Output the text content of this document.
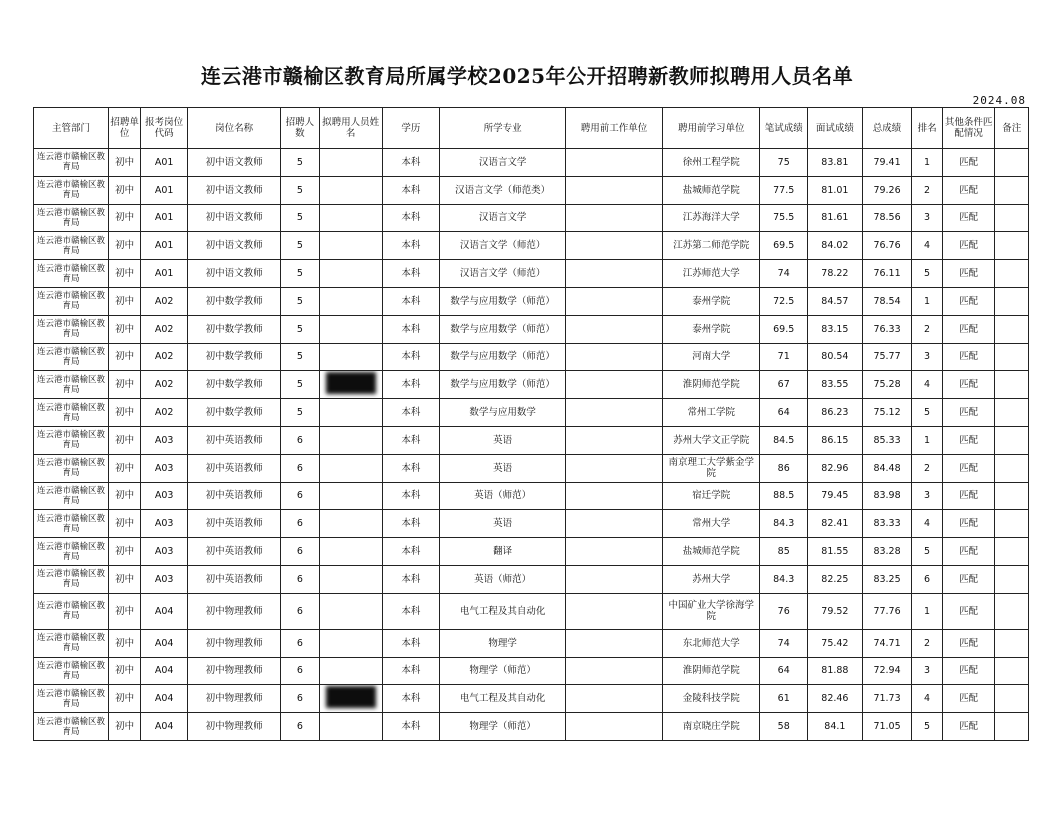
连云港市赣榆区教育局所属学校2025年公开招聘新教师拟聘用人员名单
2024.08
主管部门	招聘单位	报考岗位代码	岗位名称	招聘人数	拟聘用人员姓名	学历	所学专业	聘用前工作单位	聘用前学习单位	笔试成绩	面试成绩	总成绩	排名	其他条件匹配情况	备注
连云港市赣榆区教育局	初中	A01	初中语文教师	5		本科	汉语言文学		徐州工程学院	75	83.81	79.41	1	匹配	
连云港市赣榆区教育局	初中	A01	初中语文教师	5		本科	汉语言文学（师范类）		盐城师范学院	77.5	81.01	79.26	2	匹配	
连云港市赣榆区教育局	初中	A01	初中语文教师	5		本科	汉语言文学		江苏海洋大学	75.5	81.61	78.56	3	匹配	
连云港市赣榆区教育局	初中	A01	初中语文教师	5		本科	汉语言文学（师范）		江苏第二师范学院	69.5	84.02	76.76	4	匹配	
连云港市赣榆区教育局	初中	A01	初中语文教师	5		本科	汉语言文学（师范）		江苏师范大学	74	78.22	76.11	5	匹配	
连云港市赣榆区教育局	初中	A02	初中数学教师	5		本科	数学与应用数学（师范）		泰州学院	72.5	84.57	78.54	1	匹配	
连云港市赣榆区教育局	初中	A02	初中数学教师	5		本科	数学与应用数学（师范）		泰州学院	69.5	83.15	76.33	2	匹配	
连云港市赣榆区教育局	初中	A02	初中数学教师	5		本科	数学与应用数学（师范）		河南大学	71	80.54	75.77	3	匹配	
连云港市赣榆区教育局	初中	A02	初中数学教师	5		本科	数学与应用数学（师范）		淮阴师范学院	67	83.55	75.28	4	匹配	
连云港市赣榆区教育局	初中	A02	初中数学教师	5		本科	数学与应用数学		常州工学院	64	86.23	75.12	5	匹配	
连云港市赣榆区教育局	初中	A03	初中英语教师	6		本科	英语		苏州大学文正学院	84.5	86.15	85.33	1	匹配	
连云港市赣榆区教育局	初中	A03	初中英语教师	6		本科	英语		南京理工大学紫金学院	86	82.96	84.48	2	匹配	
连云港市赣榆区教育局	初中	A03	初中英语教师	6		本科	英语（师范）		宿迁学院	88.5	79.45	83.98	3	匹配	
连云港市赣榆区教育局	初中	A03	初中英语教师	6		本科	英语		常州大学	84.3	82.41	83.33	4	匹配	
连云港市赣榆区教育局	初中	A03	初中英语教师	6		本科	翻译		盐城师范学院	85	81.55	83.28	5	匹配	
连云港市赣榆区教育局	初中	A03	初中英语教师	6		本科	英语（师范）		苏州大学	84.3	82.25	83.25	6	匹配	
连云港市赣榆区教育局	初中	A04	初中物理教师	6		本科	电气工程及其自动化		中国矿业大学徐海学院	76	79.52	77.76	1	匹配	
连云港市赣榆区教育局	初中	A04	初中物理教师	6		本科	物理学		东北师范大学	74	75.42	74.71	2	匹配	
连云港市赣榆区教育局	初中	A04	初中物理教师	6		本科	物理学（师范）		淮阴师范学院	64	81.88	72.94	3	匹配	
连云港市赣榆区教育局	初中	A04	初中物理教师	6		本科	电气工程及其自动化		金陵科技学院	61	82.46	71.73	4	匹配	
连云港市赣榆区教育局	初中	A04	初中物理教师	6		本科	物理学（师范）		南京晓庄学院	58	84.1	71.05	5	匹配	
